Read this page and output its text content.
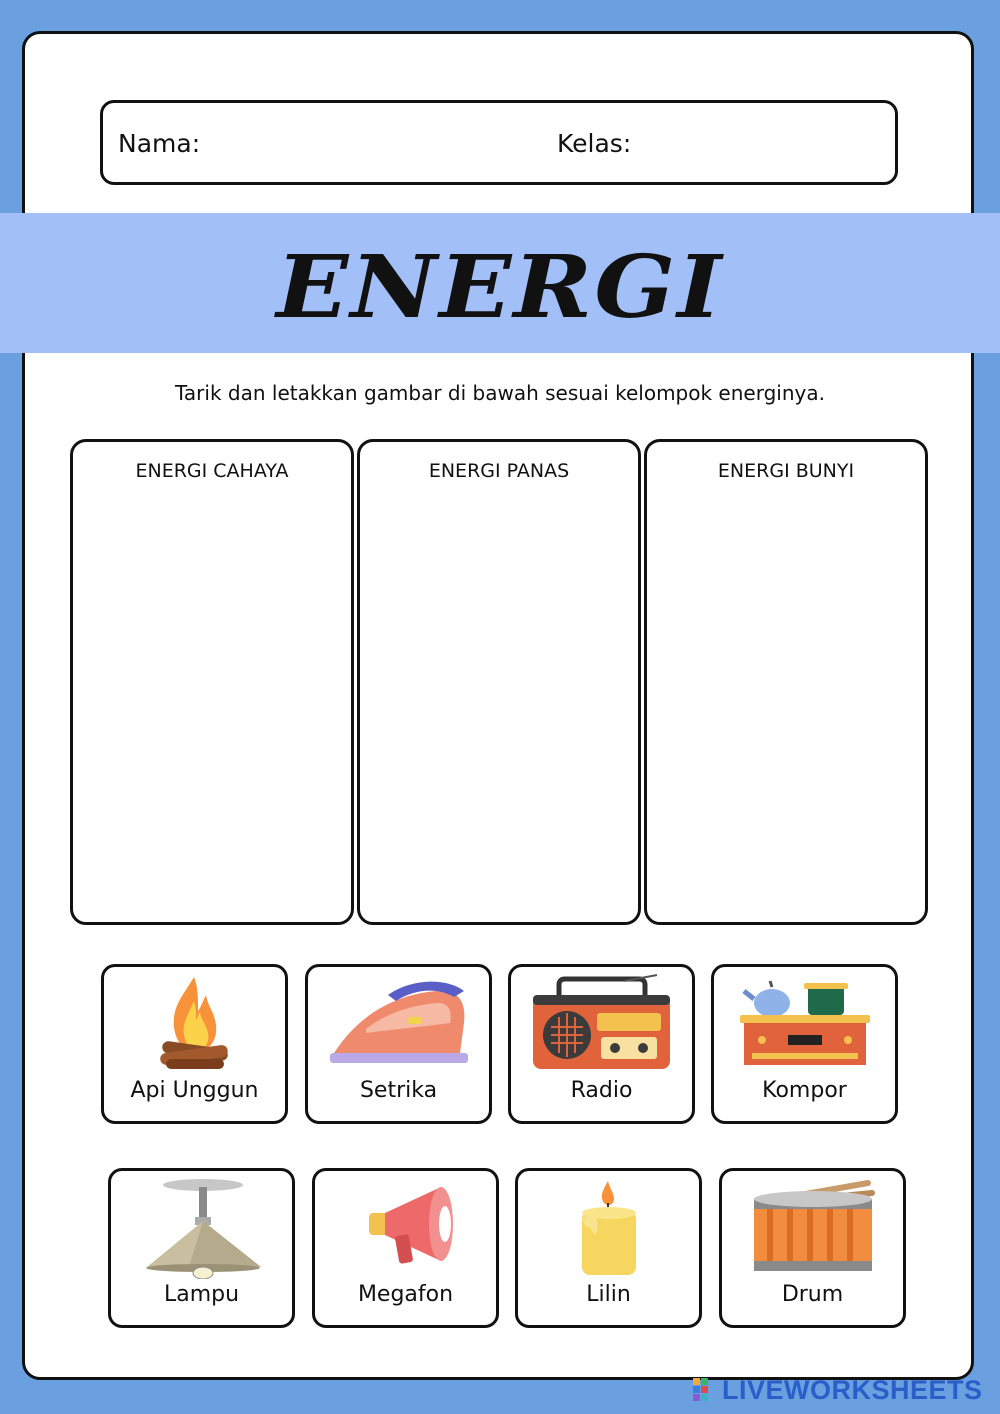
Nama:	Kelas:
ENERGI
Tarik dan letakkan gambar di bawah sesuai kelompok energinya.
ENERGI CAHAYA	ENERGI PANAS	ENERGI BUNYI
Api Unggun	Setrika	Radio	Kompor
Lampu	Megafon	Lilin	Drum
LIVEWORKSHEETS
